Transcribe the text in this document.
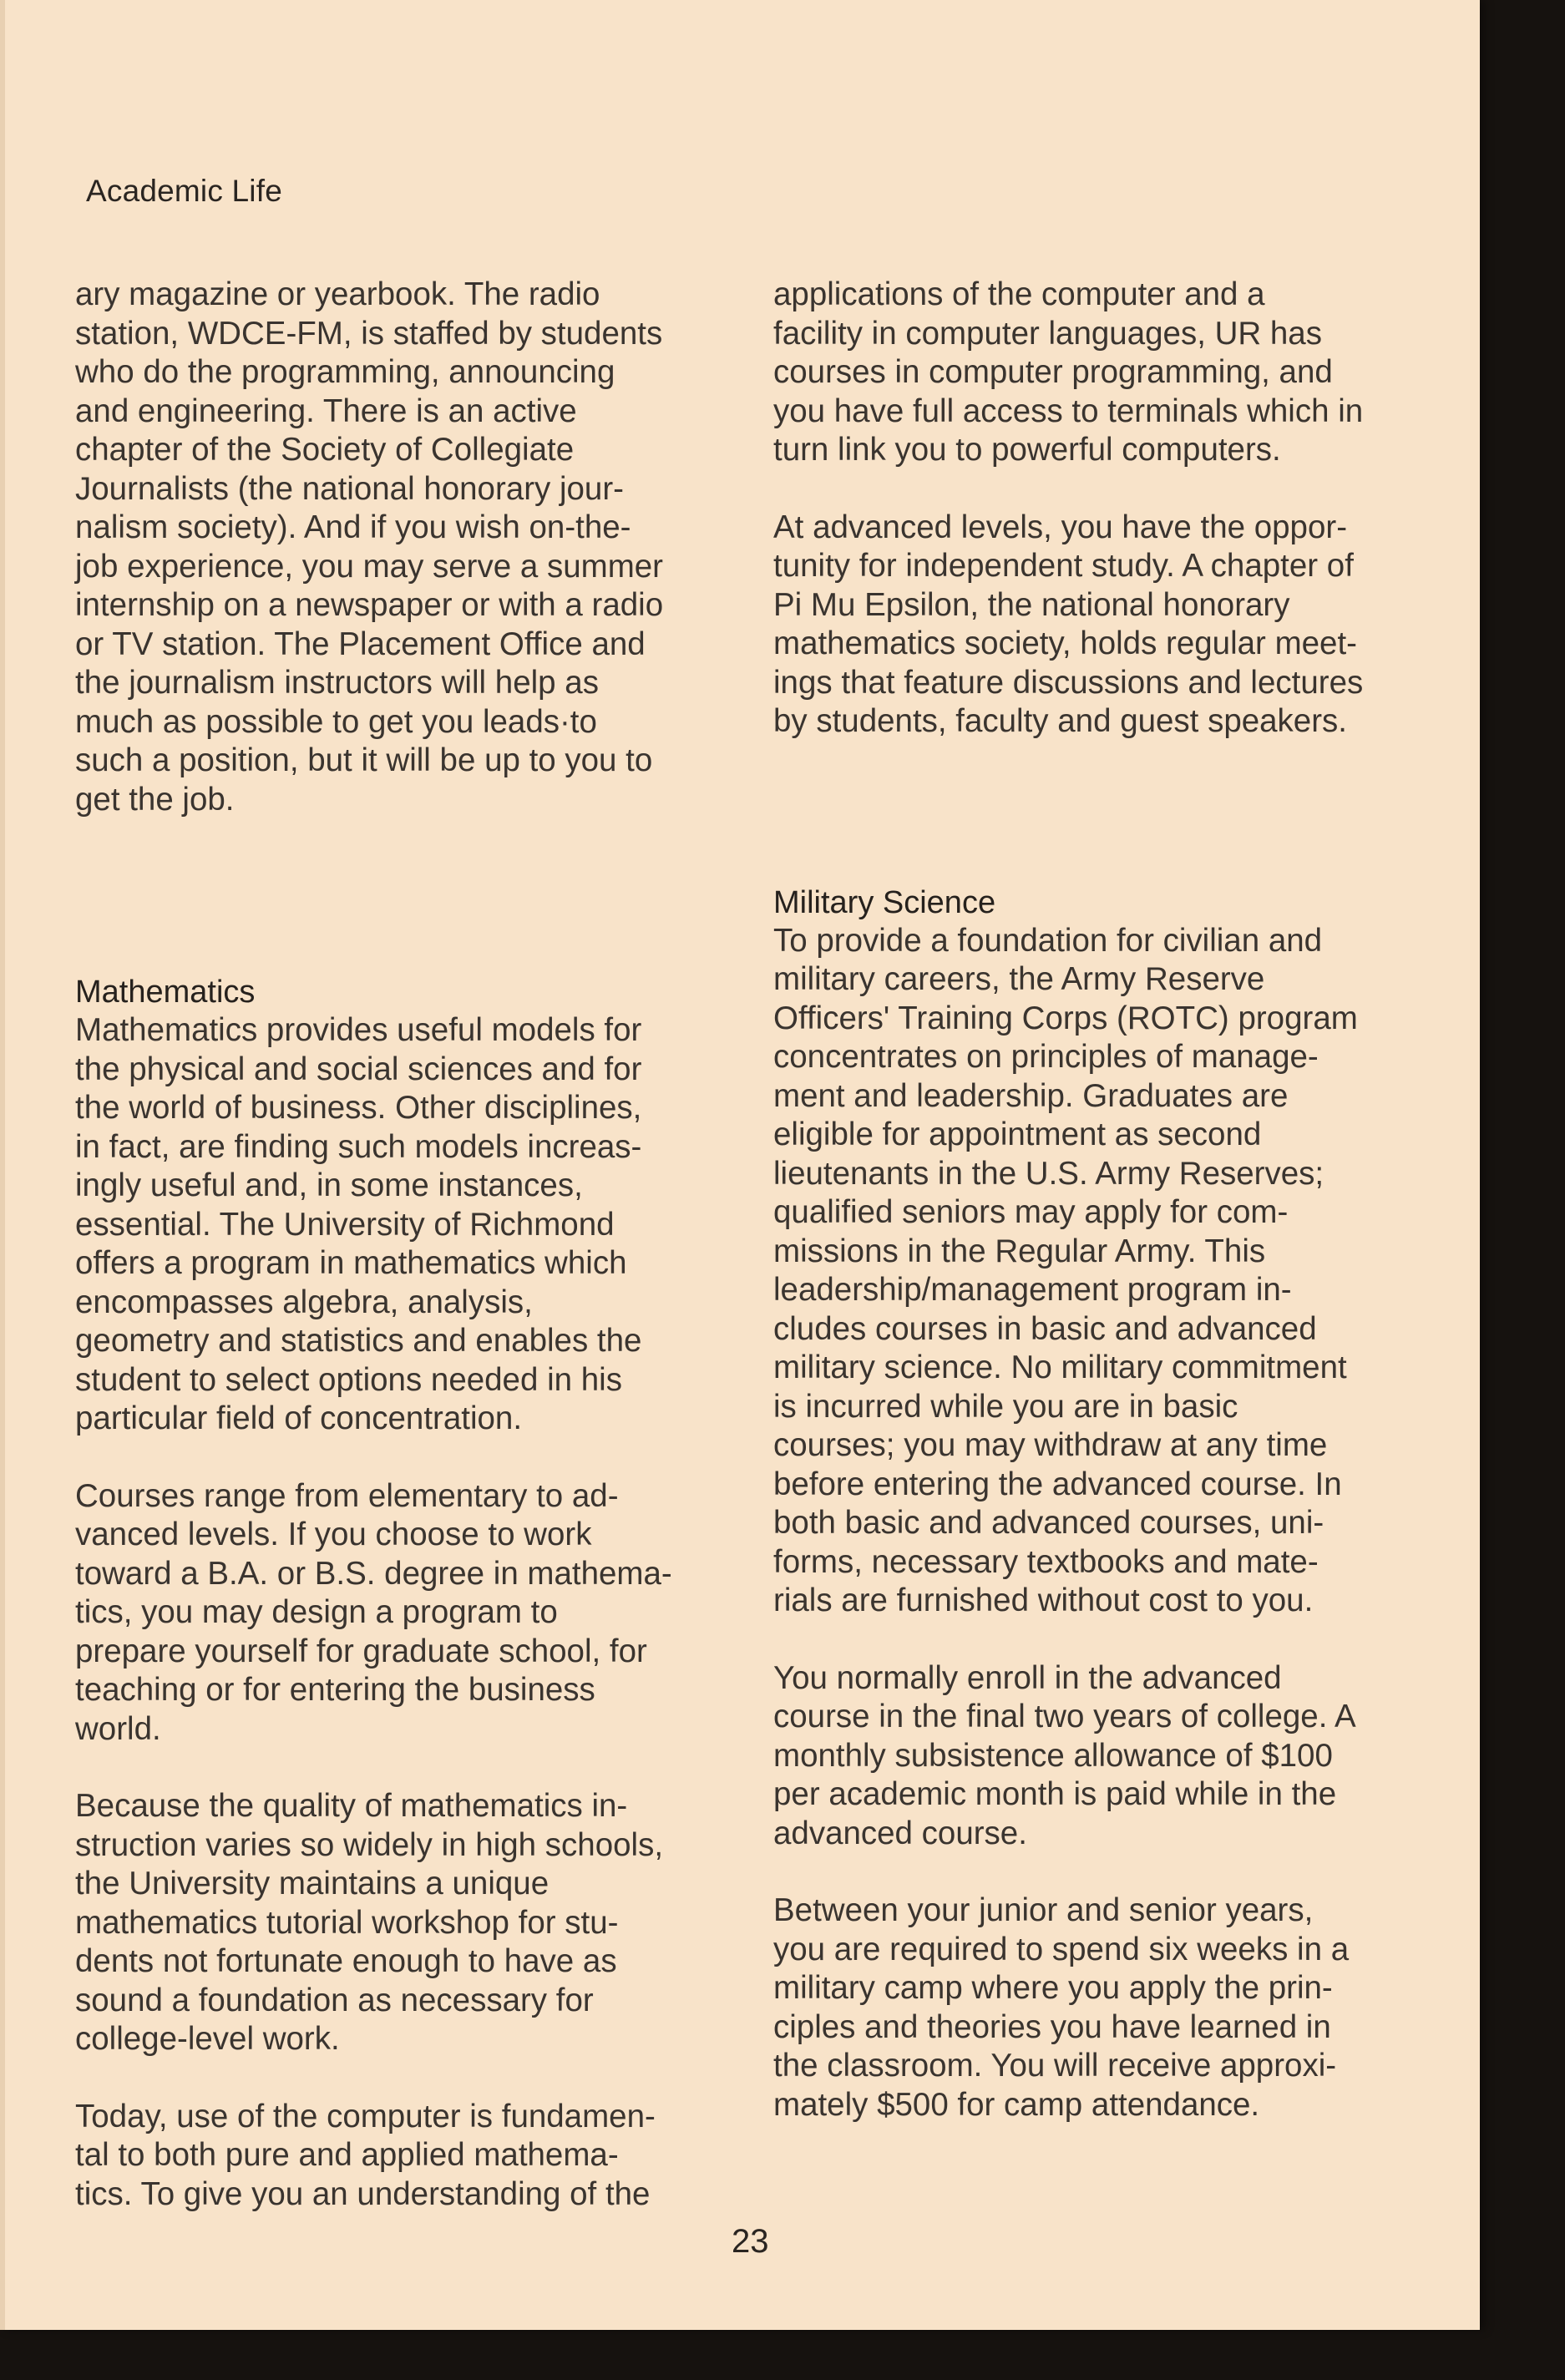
Academic Life

ary magazine or yearbook. The radio
station, WDCE-FM, is staffed by students
who do the programming, announcing
and engineering. There is an active
chapter of the Society of Collegiate
Journalists (the national honorary jour-
nalism society). And if you wish on-the-
job experience, you may serve a summer
internship on a newspaper or with a radio
or TV station. The Placement Office and
the journalism instructors will help as
much as possible to get you leads·to
such a position, but it will be up to you to
get the job.

Mathematics

Mathematics provides useful models for
the physical and social sciences and for
the world of business. Other disciplines,
in fact, are finding such models increas-
ingly useful and, in some instances,
essential. The University of Richmond
offers a program in mathematics which
encompasses algebra, analysis,
geometry and statistics and enables the
student to select options needed in his
particular field of concentration.

Courses range from elementary to ad-
vanced levels. If you choose to work
toward a B.A. or B.S. degree in mathema-
tics, you may design a program to
prepare yourself for graduate school, for
teaching or for entering the business
world.

Because the quality of mathematics in-
struction varies so widely in high schools,
the University maintains a unique
mathematics tutorial workshop for stu-
dents not fortunate enough to have as
sound a foundation as necessary for
college-level work.

Today, use of the computer is fundamen-
tal to both pure and applied mathema-
tics. To give you an understanding of the

applications of the computer and a
facility in computer languages, UR has
courses in computer programming, and
you have full access to terminals which in
turn link you to powerful computers.

At advanced levels, you have the oppor-
tunity for independent study. A chapter of
Pi Mu Epsilon, the national honorary
mathematics society, holds regular meet-
ings that feature discussions and lectures
by students, faculty and guest speakers.

Military Science

To provide a foundation for civilian and
military careers, the Army Reserve
Officers' Training Corps (ROTC) program
concentrates on principles of manage-
ment and leadership. Graduates are
eligible for appointment as second
lieutenants in the U.S. Army Reserves;
qualified seniors may apply for com-
missions in the Regular Army. This
leadership/management program in-
cludes courses in basic and advanced
military science. No military commitment
is incurred while you are in basic
courses; you may withdraw at any time
before entering the advanced course. In
both basic and advanced courses, uni-
forms, necessary textbooks and mate-
rials are furnished without cost to you.

You normally enroll in the advanced
course in the final two years of college. A
monthly subsistence allowance of $100
per academic month is paid while in the
advanced course.

Between your junior and senior years,
you are required to spend six weeks in a
military camp where you apply the prin-
ciples and theories you have learned in
the classroom. You will receive approxi-
mately $500 for camp attendance.

23
